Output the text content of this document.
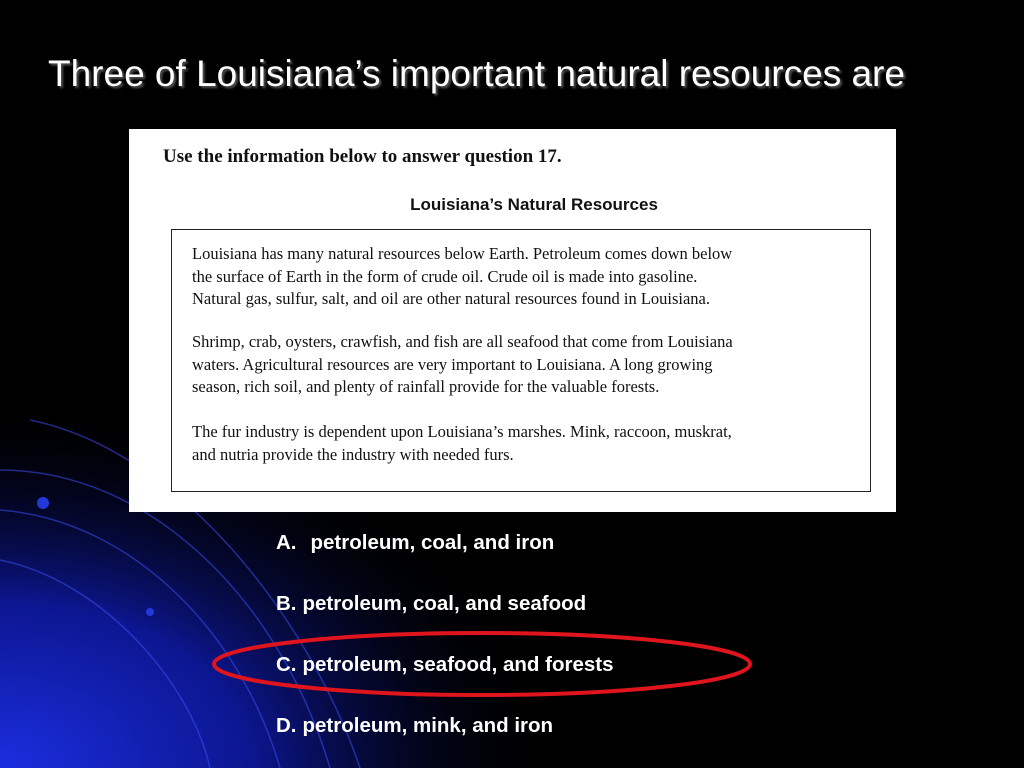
Three of Louisiana’s important natural resources are
Use the information below to answer question 17.
Louisiana’s Natural Resources

Louisiana has many natural resources below Earth. Petroleum comes down below
the surface of Earth in the form of crude oil. Crude oil is made into gasoline.
Natural gas, sulfur, salt, and oil are other natural resources found in Louisiana.

Shrimp, crab, oysters, crawfish, and fish are all seafood that come from Louisiana
waters. Agricultural resources are very important to Louisiana. A long growing
season, rich soil, and plenty of rainfall provide for the valuable forests.

The fur industry is dependent upon Louisiana’s marshes. Mink, raccoon, muskrat,
and nutria provide the industry with needed furs.

A. petroleum, coal, and iron
B. petroleum, coal, and seafood
C. petroleum, seafood, and forests
D. petroleum, mink, and iron
